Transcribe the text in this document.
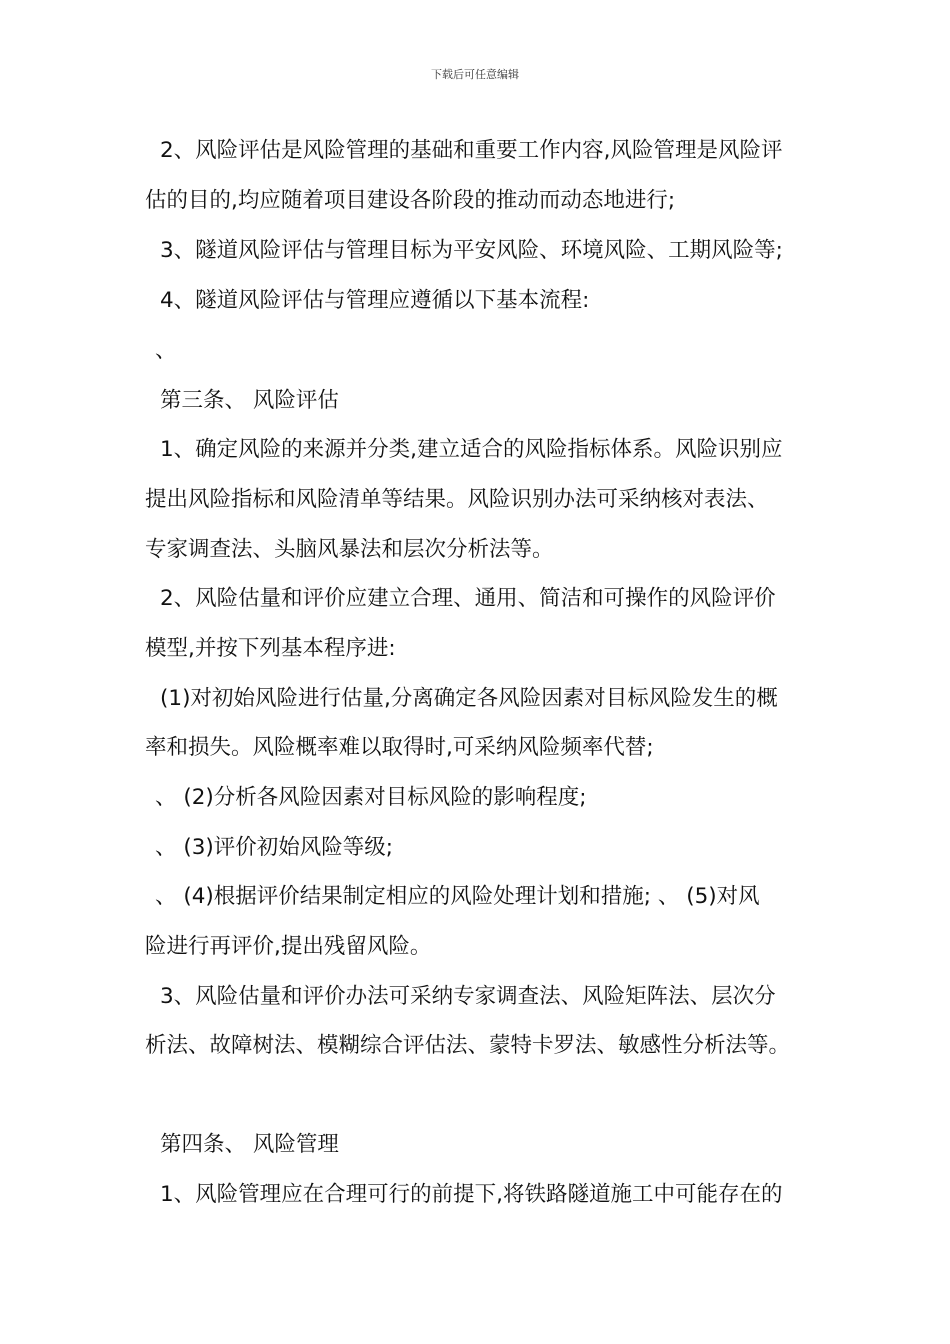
下载后可任意编辑
2、风险评估是风险管理的基础和重要工作内容,风险管理是风险评
估的目的,均应随着项目建设各阶段的推动而动态地进行;
3、隧道风险评估与管理目标为平安风险、环境风险、工期风险等;
4、隧道风险评估与管理应遵循以下基本流程:
、
第三条、 风险评估
1、确定风险的来源并分类,建立适合的风险指标体系。风险识别应
提出风险指标和风险清单等结果。风险识别办法可采纳核对表法、
专家调查法、头脑风暴法和层次分析法等。
2、风险估量和评价应建立合理、通用、简洁和可操作的风险评价
模型,并按下列基本程序进:
(1)对初始风险进行估量,分离确定各风险因素对目标风险发生的概
率和损失。风险概率难以取得时,可采纳风险频率代替;
、 (2)分析各风险因素对目标风险的影响程度;
、 (3)评价初始风险等级;
、 (4)根据评价结果制定相应的风险处理计划和措施; 、 (5)对风
险进行再评价,提出残留风险。
3、风险估量和评价办法可采纳专家调查法、风险矩阵法、层次分
析法、故障树法、模糊综合评估法、蒙特卡罗法、敏感性分析法等。
第四条、 风险管理
1、风险管理应在合理可行的前提下,将铁路隧道施工中可能存在的
